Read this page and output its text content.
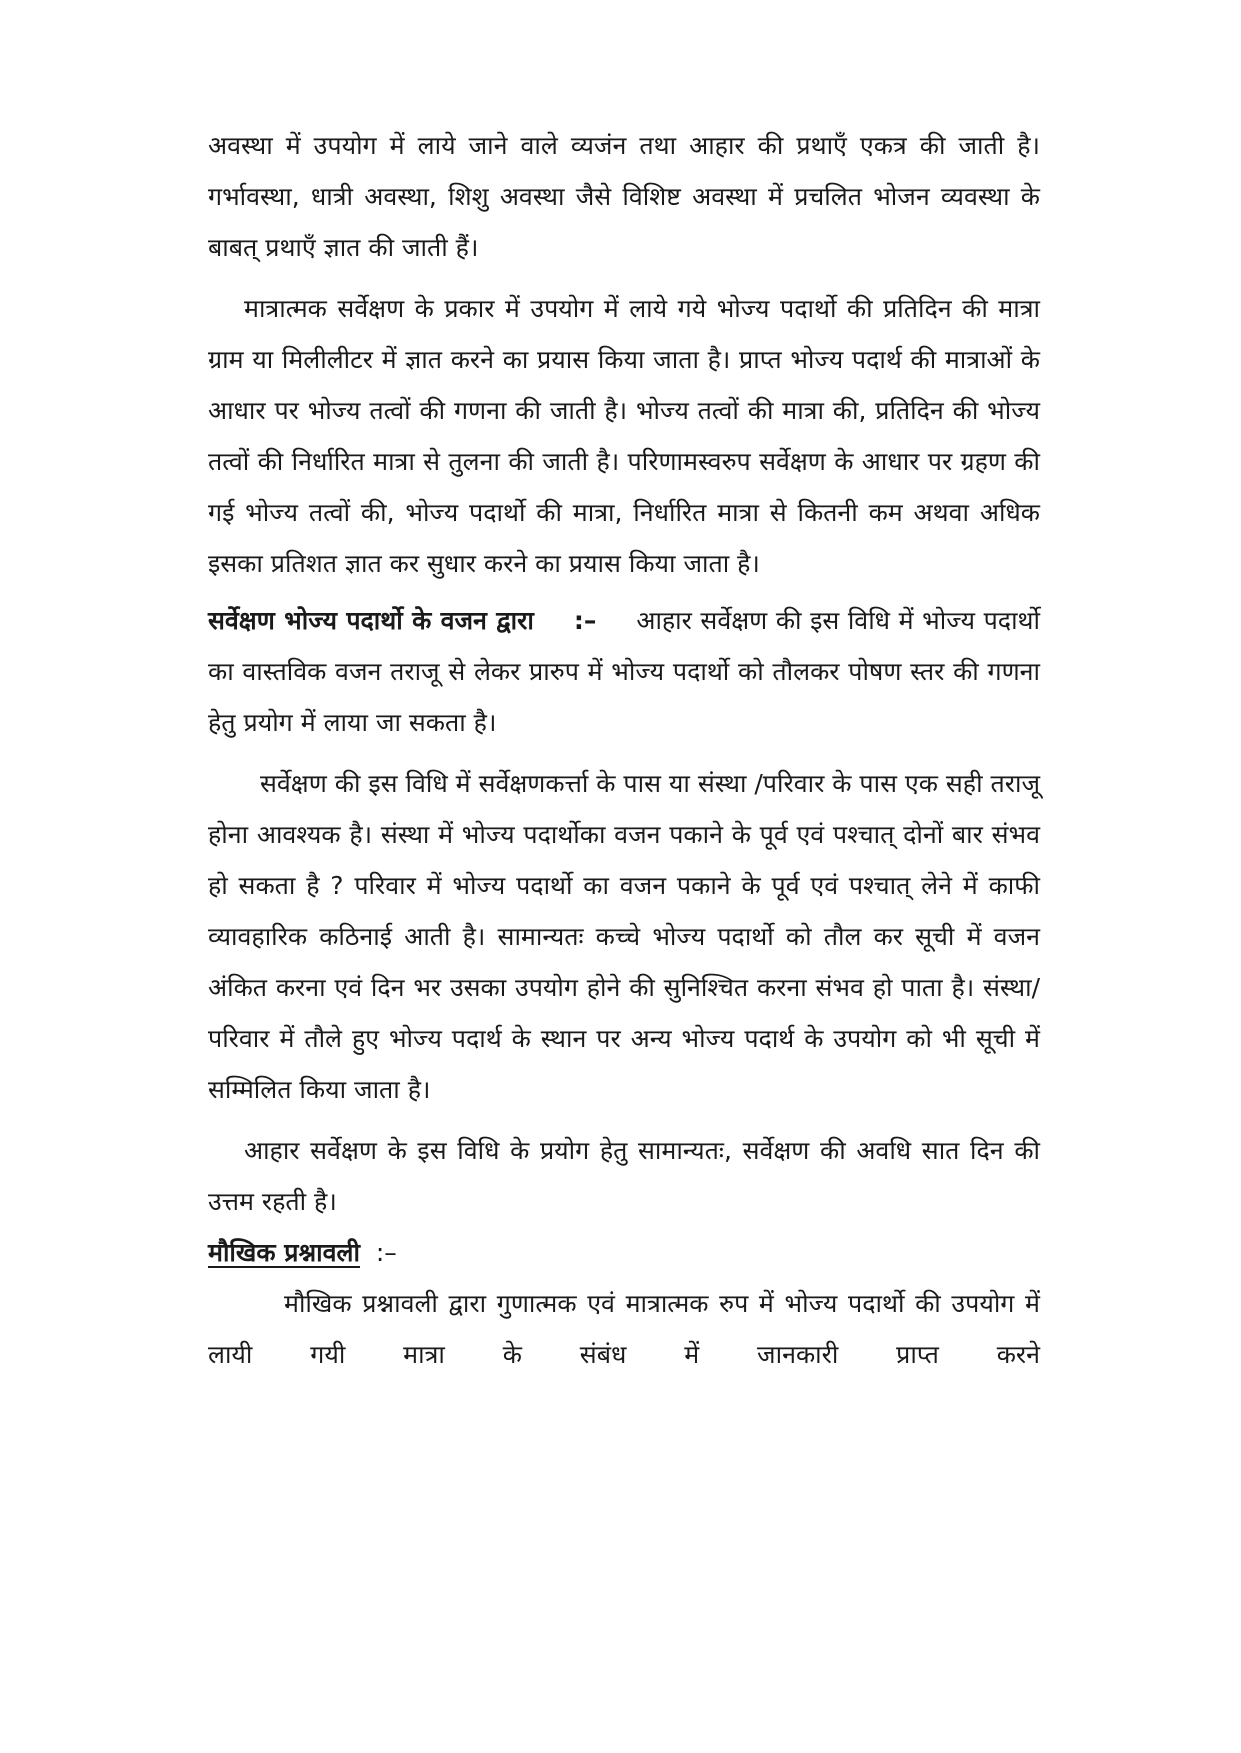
अवस्था में उपयोग में लाये जाने वाले व्यजंन तथा आहार की प्रथाएँ एकत्र की जाती है। गर्भावस्था, धात्री अवस्था, शिशु अवस्था जैसे विशिष्ट अवस्था में प्रचलित भोजन व्यवस्था के बाबत् प्रथाएँ ज्ञात की जाती हैं।

मात्रात्मक सर्वेक्षण के प्रकार में उपयोग में लाये गये भोज्य पदार्थो की प्रतिदिन की मात्रा ग्राम या मिलीलीटर में ज्ञात करने का प्रयास किया जाता है। प्राप्त भोज्य पदार्थ की मात्राओं के आधार पर भोज्य तत्वों की गणना की जाती है। भोज्य तत्वों की मात्रा की, प्रतिदिन की भोज्य तत्वों की निर्धारित मात्रा से तुलना की जाती है। परिणामस्वरुप सर्वेक्षण के आधार पर ग्रहण की गई भोज्य तत्वों की, भोज्य पदार्थो की मात्रा, निर्धारित मात्रा से कितनी कम अथवा अधिक इसका प्रतिशत ज्ञात कर सुधार करने का प्रयास किया जाता है।

सर्वेक्षण भोज्य पदार्थो के वजन द्वारा :– आहार सर्वेक्षण की इस विधि में भोज्य पदार्थो का वास्तविक वजन तराजू से लेकर प्रारुप में भोज्य पदार्थो को तौलकर पोषण स्तर की गणना हेतु प्रयोग में लाया जा सकता है।

सर्वेक्षण की इस विधि में सर्वेक्षणकर्त्ता के पास या संस्था /परिवार के पास एक सही तराजू होना आवश्यक है। संस्था में भोज्य पदार्थोका वजन पकाने के पूर्व एवं पश्चात् दोनों बार संभव हो सकता है ? परिवार में भोज्य पदार्थो का वजन पकाने के पूर्व एवं पश्चात् लेने में काफी व्यावहारिक कठिनाई आती है। सामान्यतः कच्चे भोज्य पदार्थो को तौल कर सूची में वजन अंकित करना एवं दिन भर उसका उपयोग होने की सुनिश्चित करना संभव हो पाता है। संस्था/ परिवार में तौले हुए भोज्य पदार्थ के स्थान पर अन्य भोज्य पदार्थ के उपयोग को भी सूची में सम्मिलित किया जाता है।

आहार सर्वेक्षण के इस विधि के प्रयोग हेतु सामान्यतः, सर्वेक्षण की अवधि सात दिन की उत्तम रहती है।

मौखिक प्रश्नावली :–

मौखिक प्रश्नावली द्वारा गुणात्मक एवं मात्रात्मक रुप में भोज्य पदार्थो की उपयोग में लायी गयी मात्रा के संबंध में जानकारी प्राप्त करने
